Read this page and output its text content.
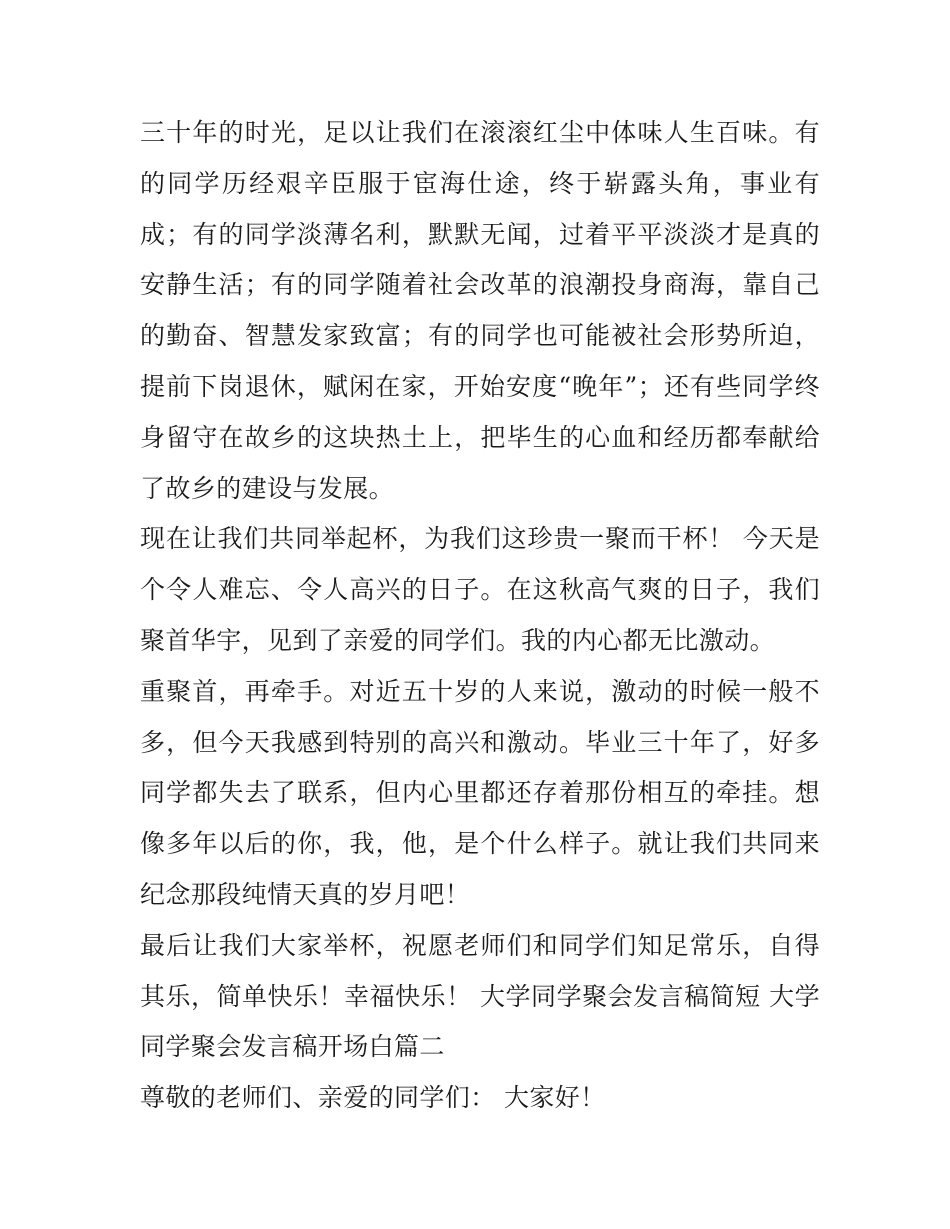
三十年的时光，足以让我们在滚滚红尘中体味人生百味。有的同学历经艰辛臣服于宦海仕途，终于崭露头角，事业有成；有的同学淡薄名利，默默无闻，过着平平淡淡才是真的安静生活；有的同学随着社会改革的浪潮投身商海，靠自己的勤奋、智慧发家致富；有的同学也可能被社会形势所迫，提前下岗退休，赋闲在家，开始安度“晚年”；还有些同学终身留守在故乡的这块热土上，把毕生的心血和经历都奉献给了故乡的建设与发展。

现在让我们共同举起杯，为我们这珍贵一聚而干杯！ 今天是个令人难忘、令人高兴的日子。在这秋高气爽的日子，我们聚首华宇，见到了亲爱的同学们。我的内心都无比激动。

重聚首，再牵手。对近五十岁的人来说，激动的时候一般不多，但今天我感到特别的高兴和激动。毕业三十年了，好多同学都失去了联系，但内心里都还存着那份相互的牵挂。想像多年以后的你，我，他，是个什么样子。就让我们共同来纪念那段纯情天真的岁月吧！

最后让我们大家举杯，祝愿老师们和同学们知足常乐，自得其乐，简单快乐！幸福快乐！ 大学同学聚会发言稿简短 大学同学聚会发言稿开场白篇二

尊敬的老师们、亲爱的同学们： 大家好！
